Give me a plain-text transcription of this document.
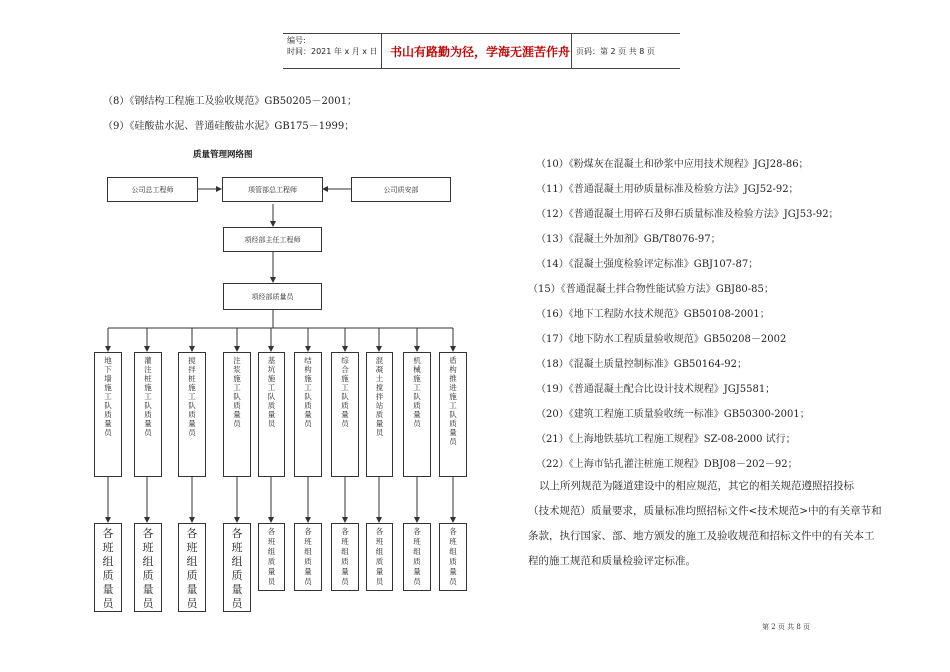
编号:
时间：2021 年 x 月 x 日 书山有路勤为径，学海无涯苦作舟 页码：第 2 页 共 8 页
（8）《钢结构工程施工及验收规范》GB50205－2001；
（9）《硅酸盐水泥、普通硅酸盐水泥》GB175－1999；
质量管理网络图
公司总工程师	项管部总工程师	公司质安部
项经部主任工程师
项经部质量员
地下墙施工队质量员
灌注桩施工队质量员
搅拌桩施工队质量员
注浆施工队质量员
基坑施工队质量员
结构施工队质量员
综合施工队质量员
混凝土搅拌站质量员
机械施工队质量员
盾构推进施工队质量员
各班组质量员
各班组质量员
各班组质量员
各班组质量员
各班组质量员
各班组质量员
各班组质量员
各班组质量员
各班组质量员
各班组质量员
（10）《粉煤灰在混凝土和砂浆中应用技术规程》JGJ28-86；
（11）《普通混凝土用砂质量标准及检验方法》JGJ52-92；
（12）《普通混凝土用碎石及卵石质量标准及检验方法》JGJ53-92；
（13）《混凝土外加剂》GB/T8076-97；
（14）《混凝土强度检验评定标准》GBJ107-87；
（15）《普通混凝土拌合物性能试验方法》GBJ80-85；
（16）《地下工程防水技术规范》GB50108-2001；
（17）《地下防水工程质量验收规范》GB50208－2002
（18）《混凝土质量控制标准》GB50164-92；
（19）《普通混凝土配合比设计技术规程》JGJ5581；
（20）《建筑工程施工质量验收统一标准》GB50300-2001；
（21）《上海地铁基坑工程施工规程》SZ-08-2000 试行；
（22）《上海市钻孔灌注桩施工规程》DBJ08－202－92；
以上所列规范为隧道建设中的相应规范，其它的相关规范遵照招投标
（技术规范）质量要求，质量标准均照招标文件<技术规范>中的有关章节和
条款，执行国家、部、地方颁发的施工及验收规范和招标文件中的有关本工
程的施工规范和质量检验评定标准。
第 2 页 共 8 页
